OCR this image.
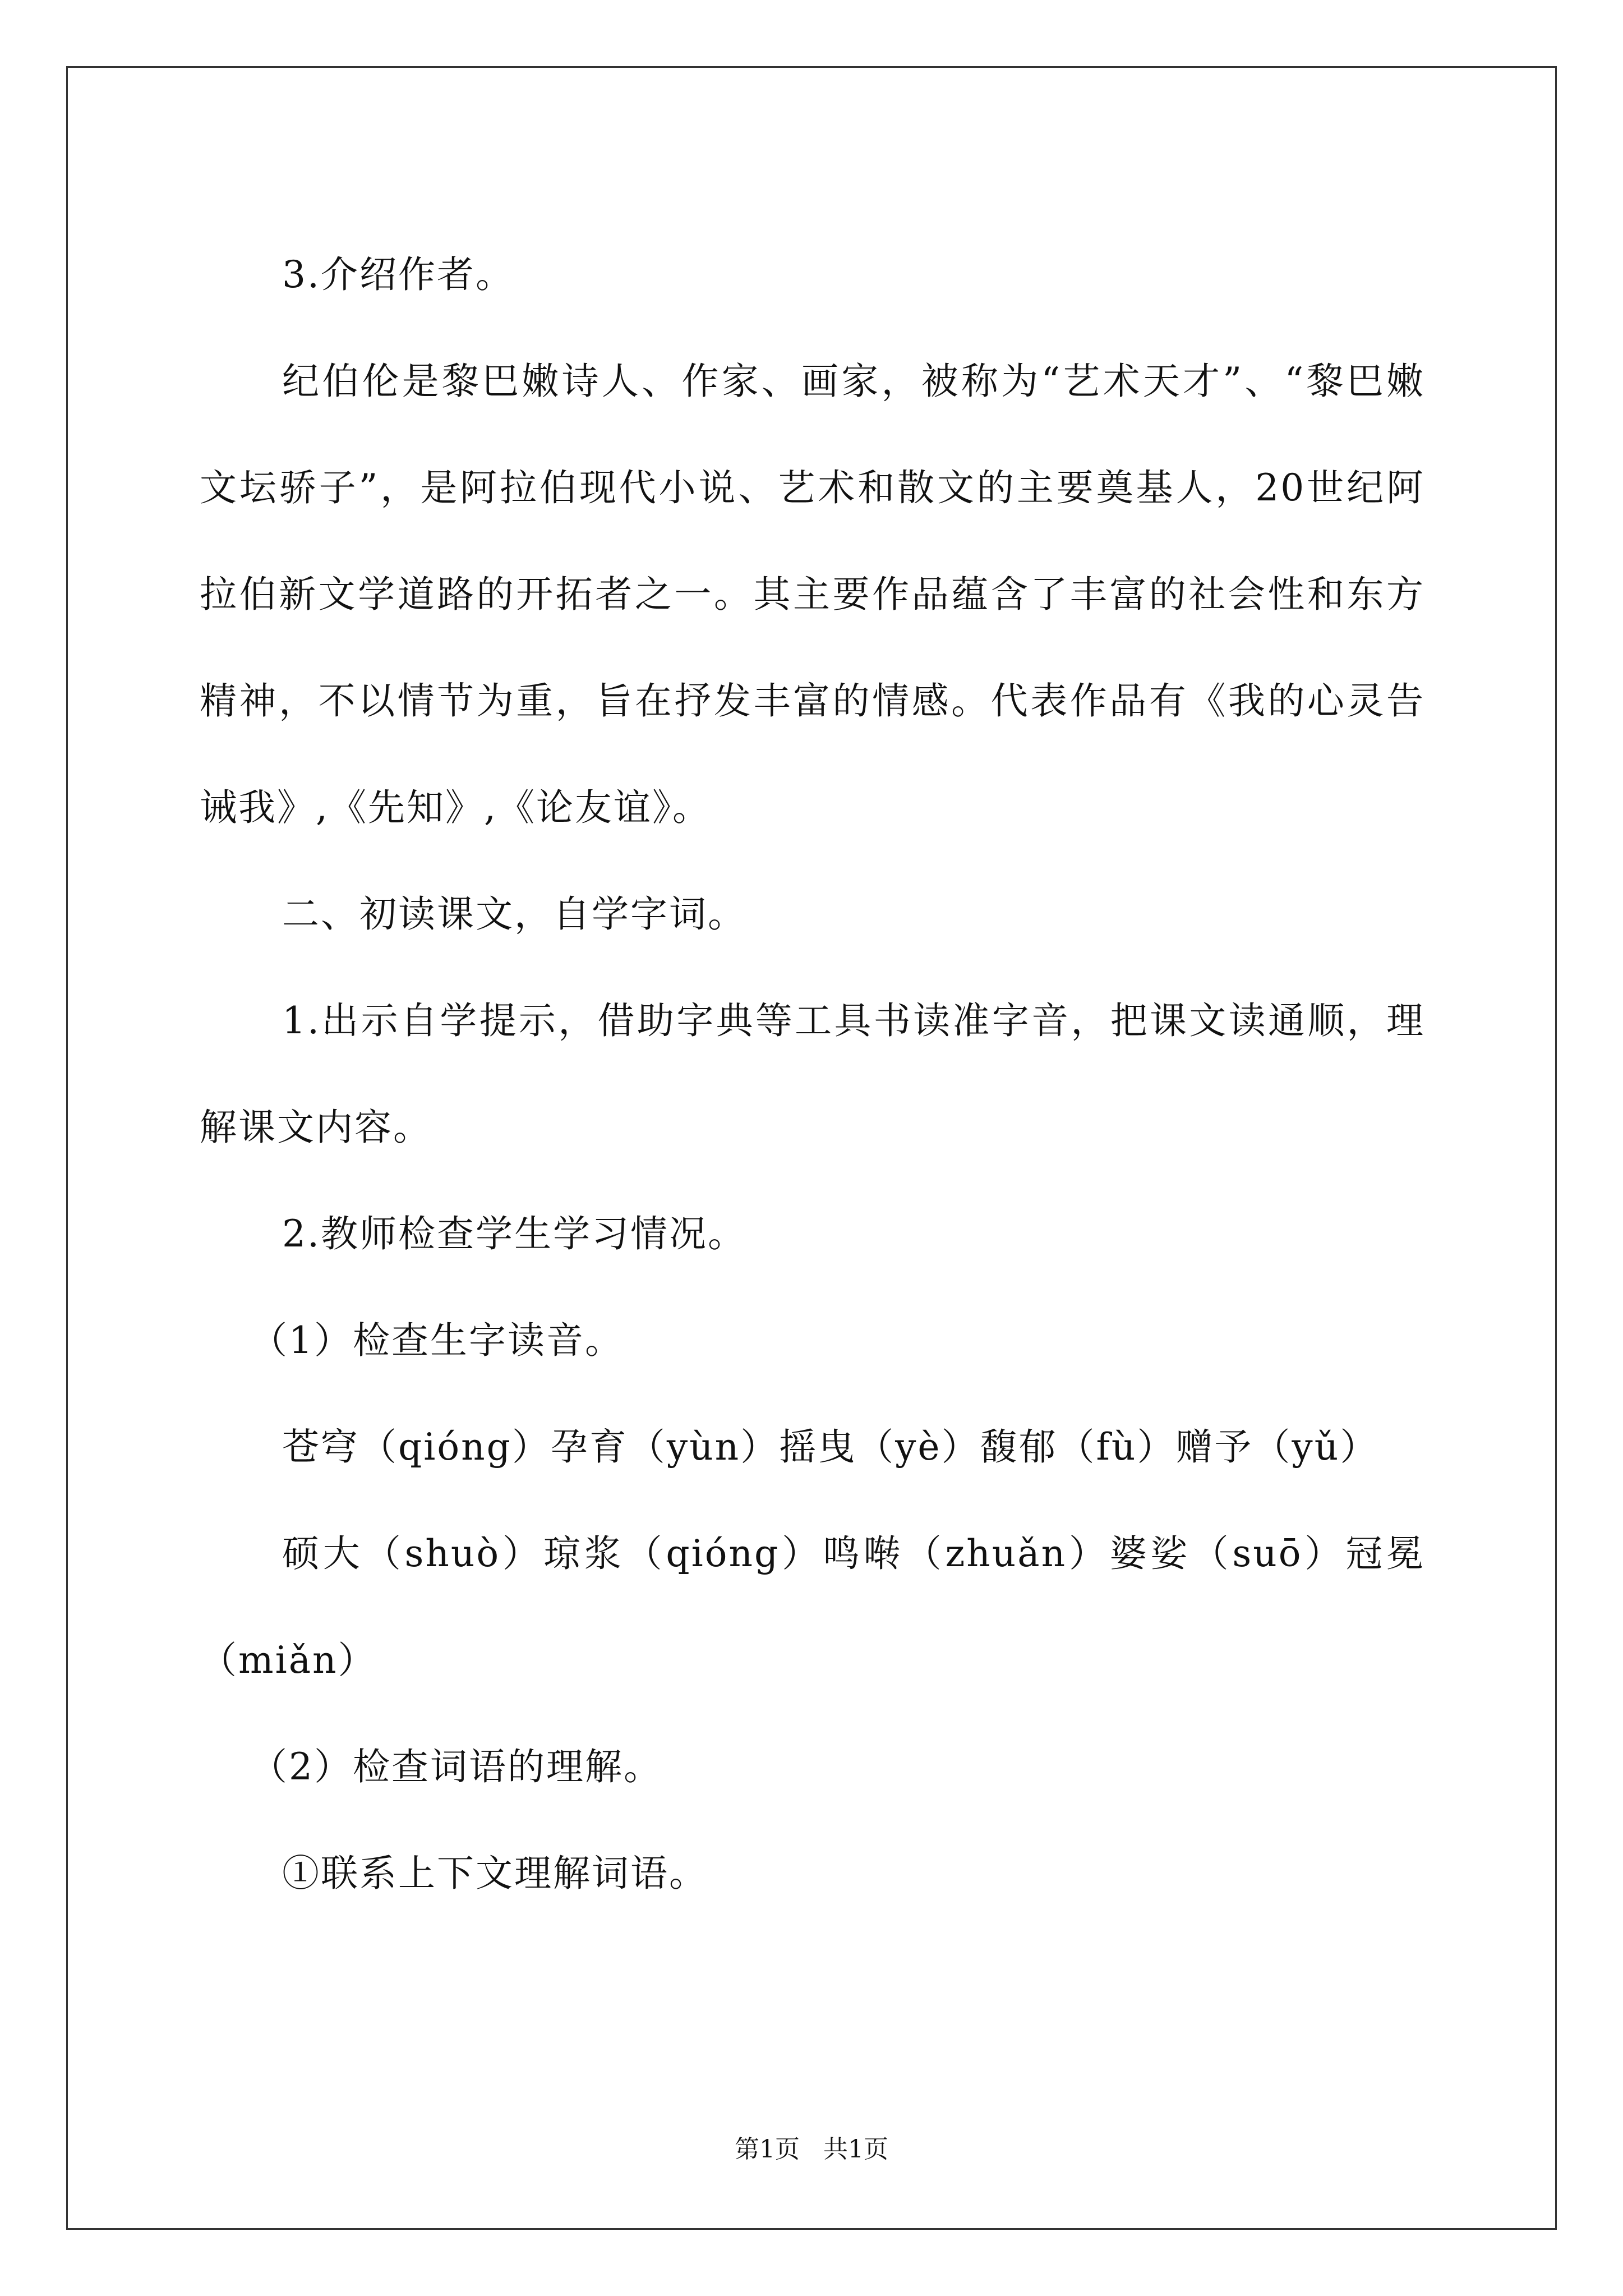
3.介绍作者。

纪伯伦是黎巴嫩诗人、作家、画家，被称为“艺术天才”、“黎巴嫩文坛骄子”，是阿拉伯现代小说、艺术和散文的主要奠基人，20世纪阿拉伯新文学道路的开拓者之一。其主要作品蕴含了丰富的社会性和东方精神，不以情节为重，旨在抒发丰富的情感。代表作品有《我的心灵告诫我》,《先知》,《论友谊》。

二、初读课文，自学字词。

1.出示自学提示，借助字典等工具书读准字音，把课文读通顺，理解课文内容。

2.教师检查学生学习情况。

（1）检查生字读音。

苍穹（qióng）孕育（yùn）摇曳（yè）馥郁（fù）赠予（yǔ）

硕大（shuò）琼浆（qióng）鸣啭（zhuǎn）婆娑（suō）冠冕（miǎn）

（2）检查词语的理解。

①联系上下文理解词语。

第1页   共1页
